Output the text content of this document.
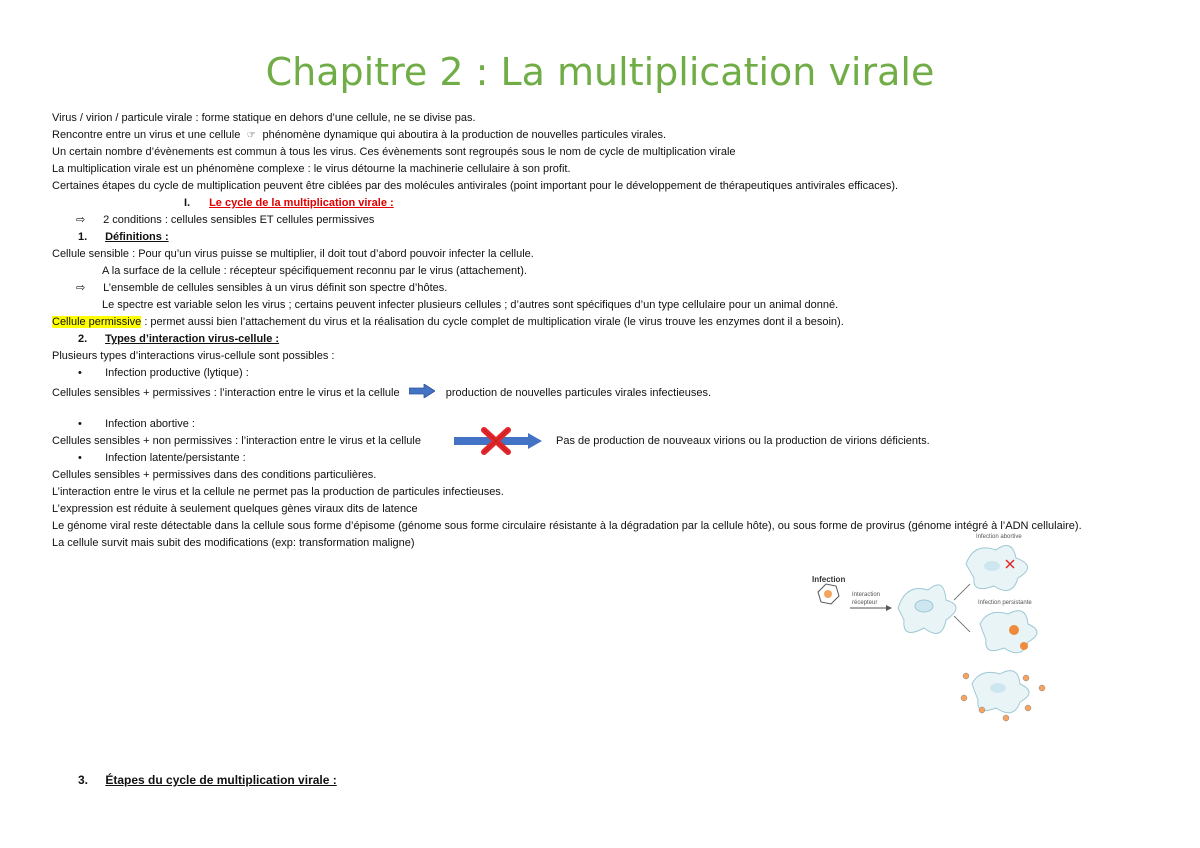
Chapitre 2 : La multiplication virale
Virus / virion / particule virale : forme statique en dehors d’une cellule, ne se divise pas.
Rencontre entre un virus et une cellule ☞ phénomène dynamique qui aboutira à la production de nouvelles particules virales.
Un certain nombre d’évènements est commun à tous les virus. Ces évènements sont regroupés sous le nom de cycle de multiplication virale
La multiplication virale est un phénomène complexe : le virus détourne la machinerie cellulaire à son profit.
Certaines étapes du cycle de multiplication peuvent être ciblées par des molécules antivirales (point important pour le développement de thérapeutiques antivirales efficaces).
I. Le cycle de la multiplication virale :
⇨ 2 conditions : cellules sensibles ET cellules permissives
1. Définitions :
Cellule sensible : Pour qu’un virus puisse se multiplier, il doit tout d’abord pouvoir infecter la cellule.
A la surface de la cellule : récepteur spécifiquement reconnu par le virus (attachement).
⇨ L’ensemble de cellules sensibles à un virus définit son spectre d’hôtes.
Le spectre est variable selon les virus ; certains peuvent infecter plusieurs cellules ; d’autres sont spécifiques d’un type cellulaire pour un animal donné.
Cellule permissive : permet aussi bien l’attachement du virus et la réalisation du cycle complet de multiplication virale (le virus trouve les enzymes dont il a besoin).
2. Types d’interaction virus-cellule :
Plusieurs types d’interactions virus-cellule sont possibles :
• Infection productive (lytique) :
Cellules sensibles + permissives : l’interaction entre le virus et la cellule	production de nouvelles particules virales infectieuses.
• Infection abortive :
Cellules sensibles + non permissives : l’interaction entre le virus et la cellule	Pas de production de nouveaux virions ou la production de virions déficients.
• Infection latente/persistante :
Cellules sensibles + permissives dans des conditions particulières.
L’interaction entre le virus et la cellule ne permet pas la production de particules infectieuses.
L’expression est réduite à seulement quelques gènes viraux dits de latence
Le génome viral reste détectable dans la cellule sous forme d’épisome (génome sous forme circulaire résistante à la dégradation par la cellule hôte), ou sous forme de provirus (génome intégré à l’ADN cellulaire).
La cellule survit mais subit des modifications (exp: transformation maligne)
Infection
Interaction
récepteur
Infection abortive
Infection persistante
3. Étapes du cycle de multiplication virale :
